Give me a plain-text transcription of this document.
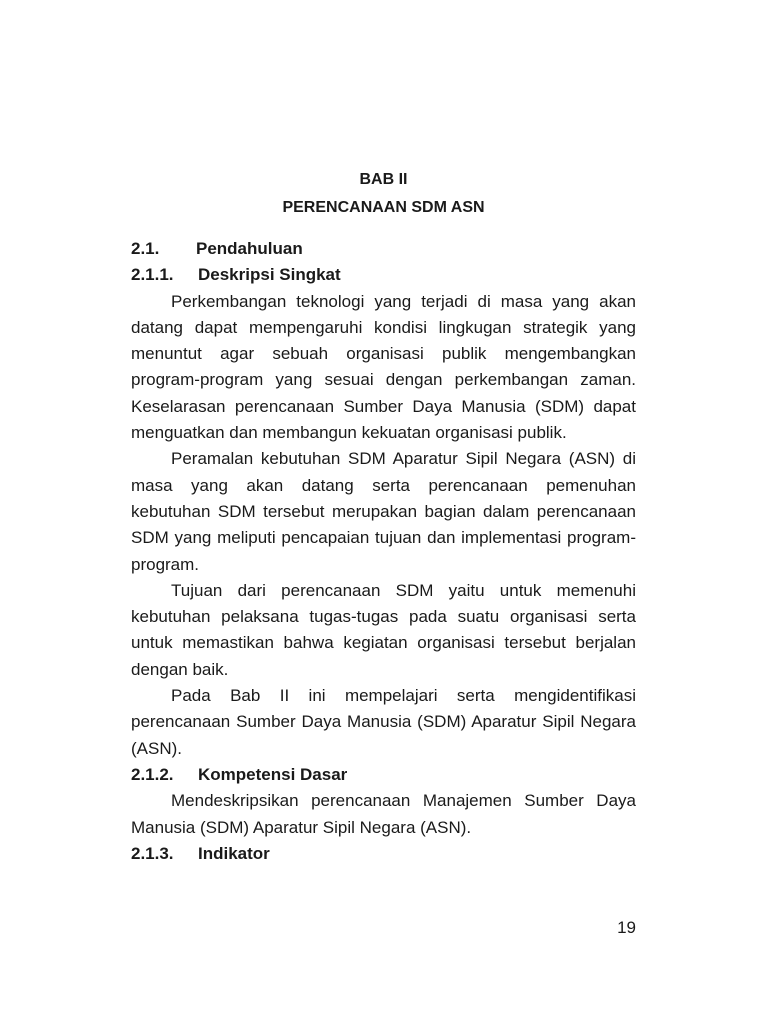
BAB II
PERENCANAAN SDM ASN

2.1. Pendahuluan

2.1.1. Deskripsi Singkat

Perkembangan teknologi yang terjadi di masa yang akan datang dapat mempengaruhi kondisi lingkugan strategik yang menuntut agar sebuah organisasi publik mengembangkan program-program yang sesuai dengan perkembangan zaman. Keselarasan perencanaan Sumber Daya Manusia (SDM) dapat menguatkan dan membangun kekuatan organisasi publik.

Peramalan kebutuhan SDM Aparatur Sipil Negara (ASN) di masa yang akan datang serta perencanaan pemenuhan kebutuhan SDM tersebut merupakan bagian dalam perencanaan SDM yang meliputi pencapaian tujuan dan implementasi program-program.

Tujuan dari perencanaan SDM yaitu untuk memenuhi kebutuhan pelaksana tugas-tugas pada suatu organisasi serta untuk memastikan bahwa kegiatan organisasi tersebut berjalan dengan baik.

Pada Bab II ini mempelajari serta mengidentifikasi perencanaan Sumber Daya Manusia (SDM) Aparatur Sipil Negara (ASN).

2.1.2. Kompetensi Dasar

Mendeskripsikan perencanaan Manajemen Sumber Daya Manusia (SDM) Aparatur Sipil Negara (ASN).

2.1.3. Indikator

19
